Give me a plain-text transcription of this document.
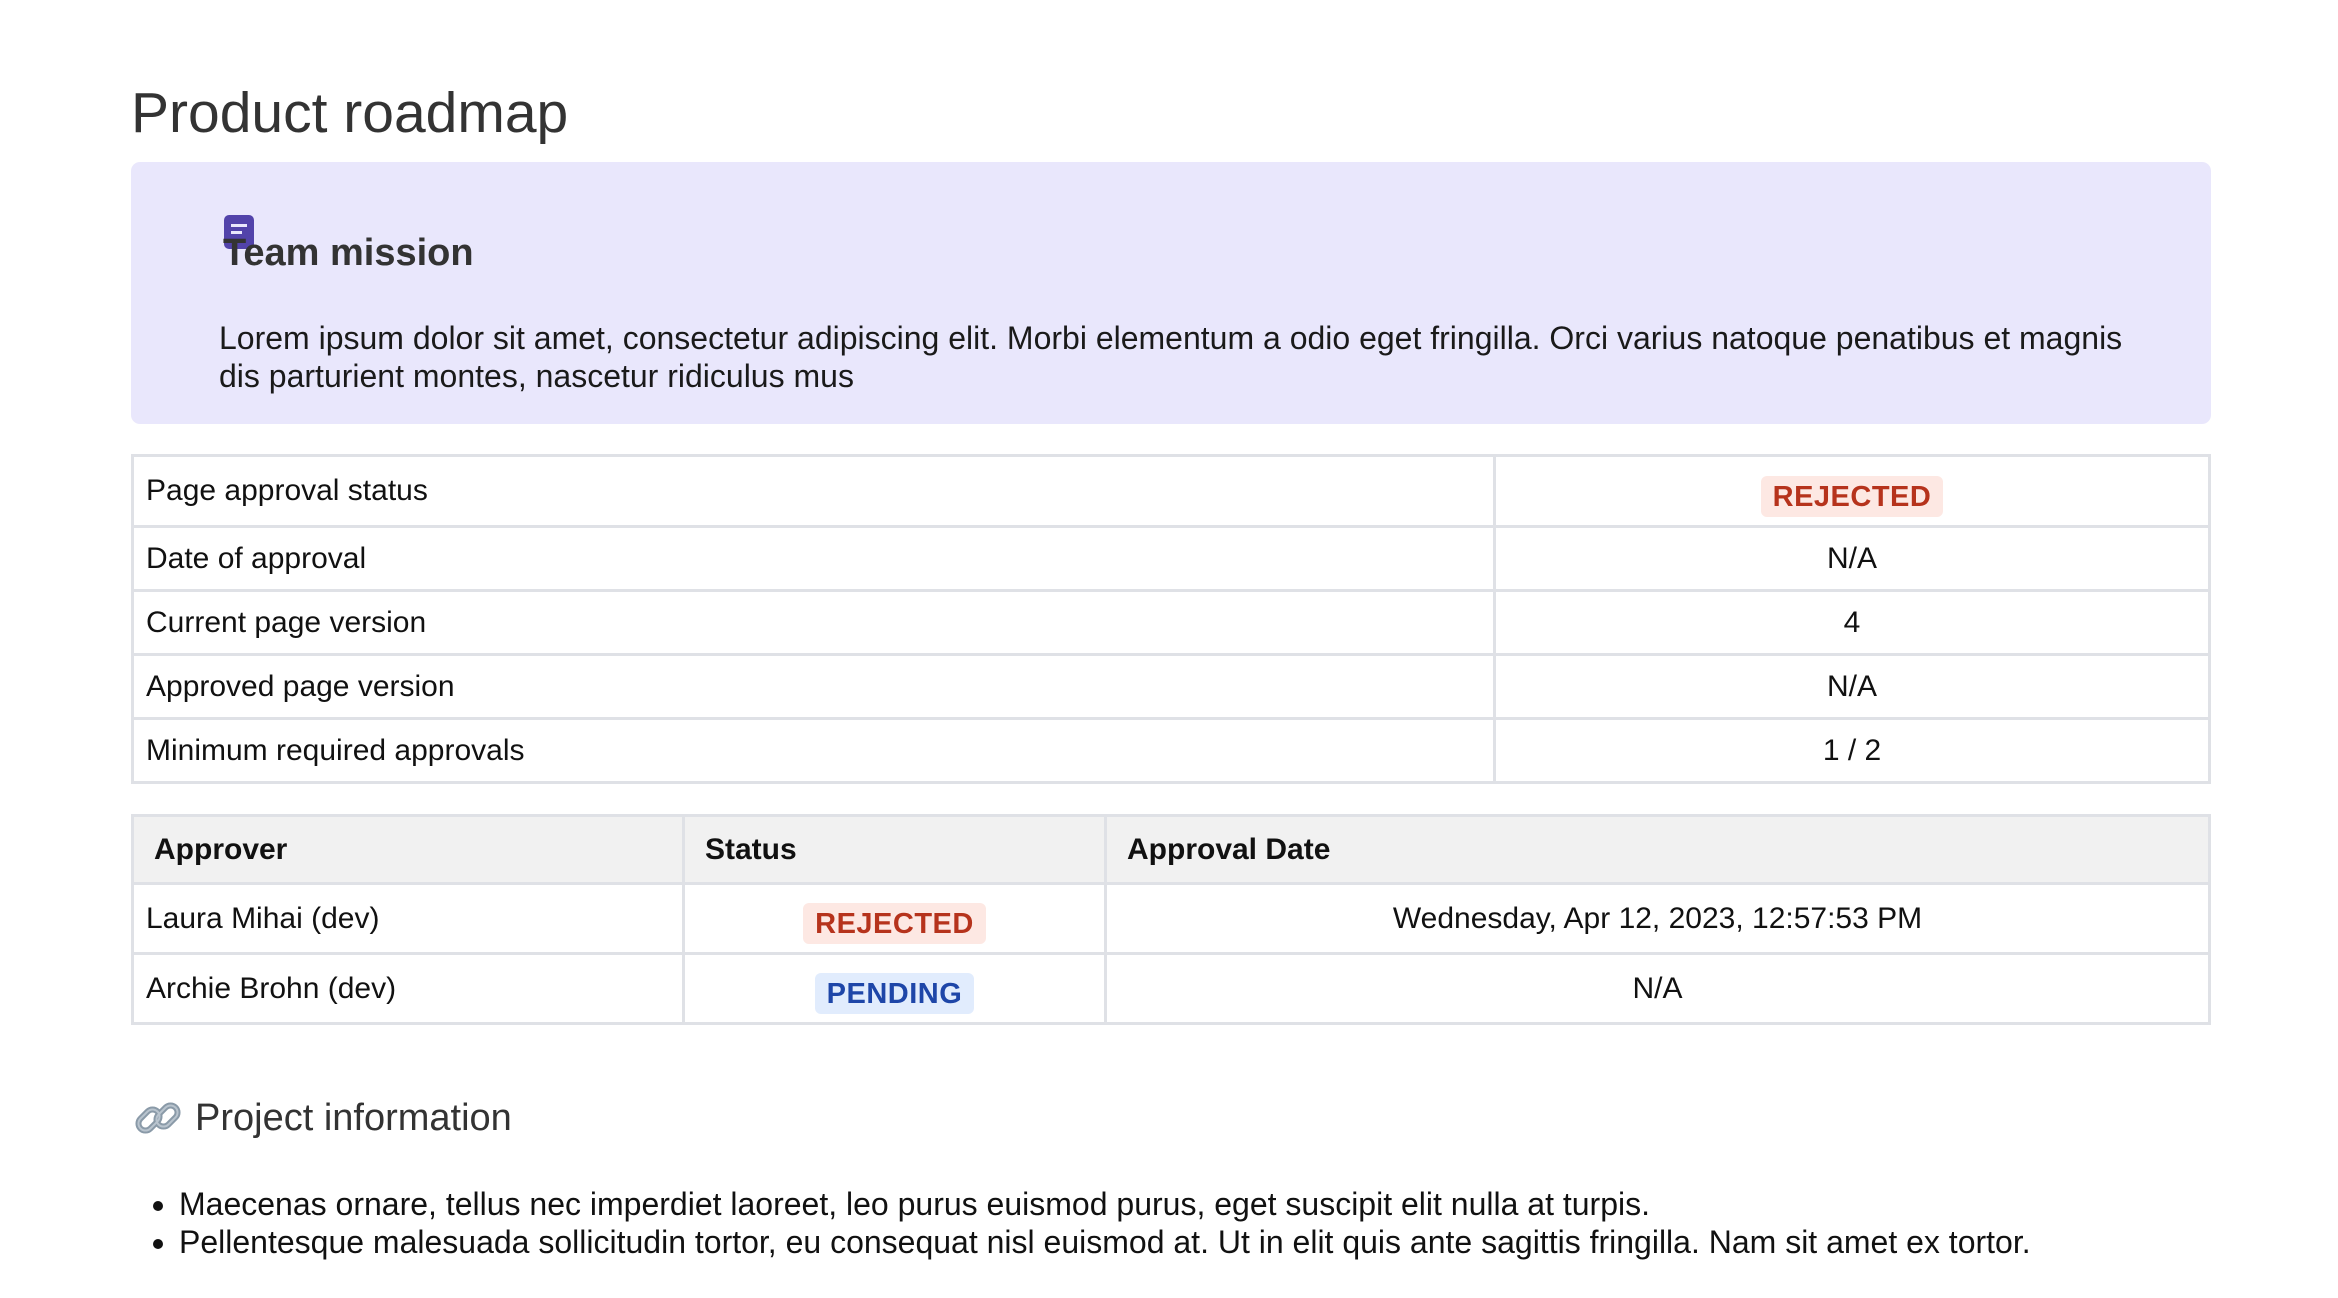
Product roadmap
Team mission

Lorem ipsum dolor sit amet, consectetur adipiscing elit. Morbi elementum a odio eget fringilla. Orci varius natoque penatibus et magnis dis parturient montes, nascetur ridiculus mus

Page approval status	REJECTED
Date of approval	N/A
Current page version	4
Approved page version	N/A
Minimum required approvals	1 / 2
Approver	Status	Approval Date
Laura Mihai (dev)	REJECTED	Wednesday, Apr 12, 2023, 12:57:53 PM
Archie Brohn (dev)	PENDING	N/A
Project information
• Maecenas ornare, tellus nec imperdiet laoreet, leo purus euismod purus, eget suscipit elit nulla at turpis.
• Pellentesque malesuada sollicitudin tortor, eu consequat nisl euismod at. Ut in elit quis ante sagittis fringilla. Nam sit amet ex tortor.
